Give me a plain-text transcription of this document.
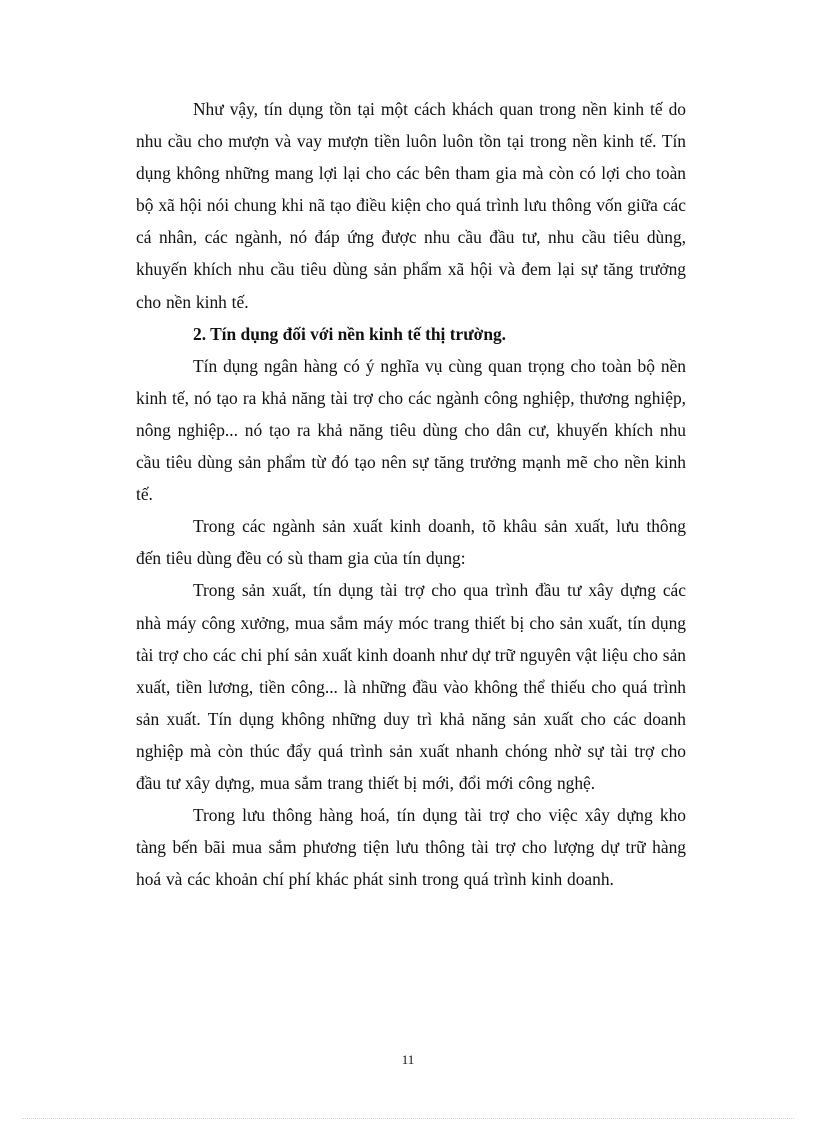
Như vậy, tín dụng tồn tại một cách khách quan trong nền kinh tế do nhu cầu cho mượn và vay mượn tiền luôn luôn tồn tại trong nền kinh tế. Tín dụng không những mang lợi lại cho các bên tham gia mà còn có lợi cho toàn bộ xã hội nói chung khi nã tạo điều kiện cho quá trình lưu thông vốn giữa các cá nhân, các ngành, nó đáp ứng được nhu cầu đầu tư, nhu cầu tiêu dùng, khuyến khích nhu cầu tiêu dùng sản phẩm xã hội và đem lại sự tăng trưởng cho nền kinh tế.

2. Tín dụng đối với nền kinh tế thị trường.

Tín dụng ngân hàng có ý nghĩa vụ cùng quan trọng cho toàn bộ nền kinh tế, nó tạo ra khả năng tài trợ cho các ngành công nghiệp, thương nghiệp, nông nghiệp... nó tạo ra khả năng tiêu dùng cho dân cư, khuyến khích nhu cầu tiêu dùng sản phẩm từ đó tạo nên sự tăng trưởng mạnh mẽ cho nền kinh tế.

Trong các ngành sản xuất kinh doanh, tõ khâu sản xuất, lưu thông đến tiêu dùng đều có sù tham gia của tín dụng:

Trong sản xuất, tín dụng tài trợ cho qua trình đầu tư xây dựng các nhà máy công xưởng, mua sắm máy móc trang thiết bị cho sản xuất, tín dụng tài trợ cho các chi phí sản xuất kinh doanh như dự trữ nguyên vật liệu cho sản xuất, tiền lương, tiền công... là những đầu vào không thể thiếu cho quá trình sản xuất. Tín dụng không những duy trì khả năng sản xuất cho các doanh nghiệp mà còn thúc đẩy quá trình sản xuất nhanh chóng nhờ sự tài trợ cho đầu tư xây dựng, mua sắm trang thiết bị mới, đổi mới công nghệ.

Trong lưu thông hàng hoá, tín dụng tài trợ cho việc xây dựng kho tàng bến bãi mua sắm phương tiện lưu thông tài trợ cho lượng dự trữ hàng hoá và các khoản chí phí khác phát sinh trong quá trình kinh doanh.

11
